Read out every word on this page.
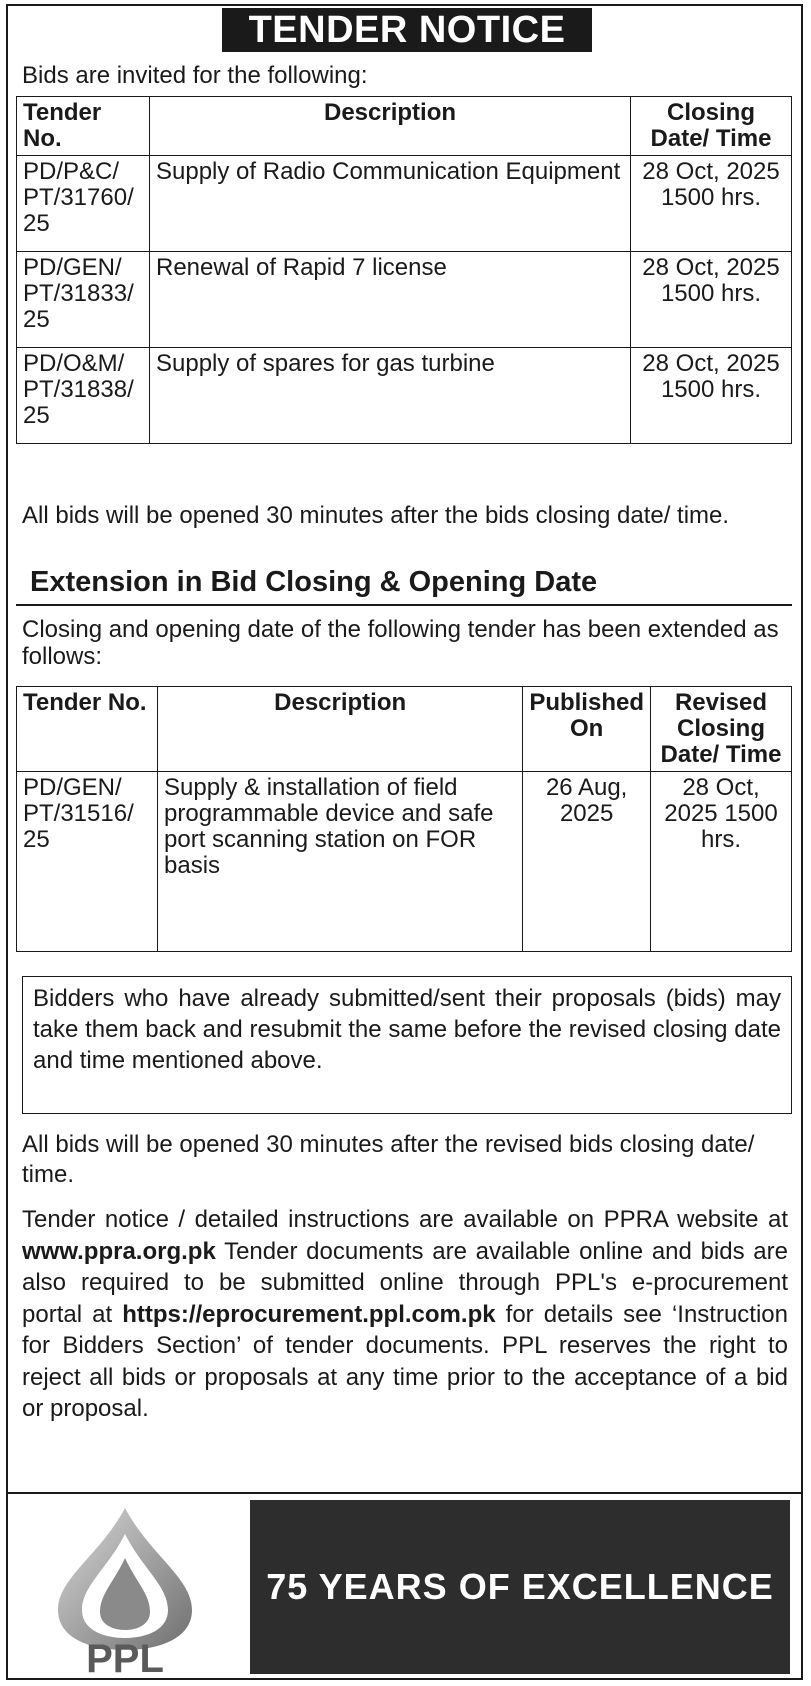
TENDER NOTICE
Bids are invited for the following:
Tender No.	Description	Closing Date/ Time
PD/P&C/ PT/31760/ 25	Supply of Radio Communication Equipment	28 Oct, 2025 1500 hrs.
PD/GEN/ PT/31833/ 25	Renewal of Rapid 7 license	28 Oct, 2025 1500 hrs.
PD/O&M/ PT/31838/ 25	Supply of spares for gas turbine	28 Oct, 2025 1500 hrs.
All bids will be opened 30 minutes after the bids closing date/ time.
Extension in Bid Closing & Opening Date
Closing and opening date of the following tender has been extended as follows:
Tender No.	Description	Published On	Revised Closing Date/ Time
PD/GEN/ PT/31516/ 25	Supply & installation of field programmable device and safe port scanning station on FOR basis	26 Aug, 2025	28 Oct, 2025 1500 hrs.
Bidders who have already submitted/sent their proposals (bids) may take them back and resubmit the same before the revised closing date and time mentioned above.
All bids will be opened 30 minutes after the revised bids closing date/ time.
Tender notice / detailed instructions are available on PPRA website at www.ppra.org.pk Tender documents are available online and bids are also required to be submitted online through PPL's e-procurement portal at https://eprocurement.ppl.com.pk for details see ‘Instruction for Bidders Section’ of tender documents. PPL reserves the right to reject all bids or proposals at any time prior to the acceptance of a bid or proposal.
PPL
75 YEARS OF EXCELLENCE
